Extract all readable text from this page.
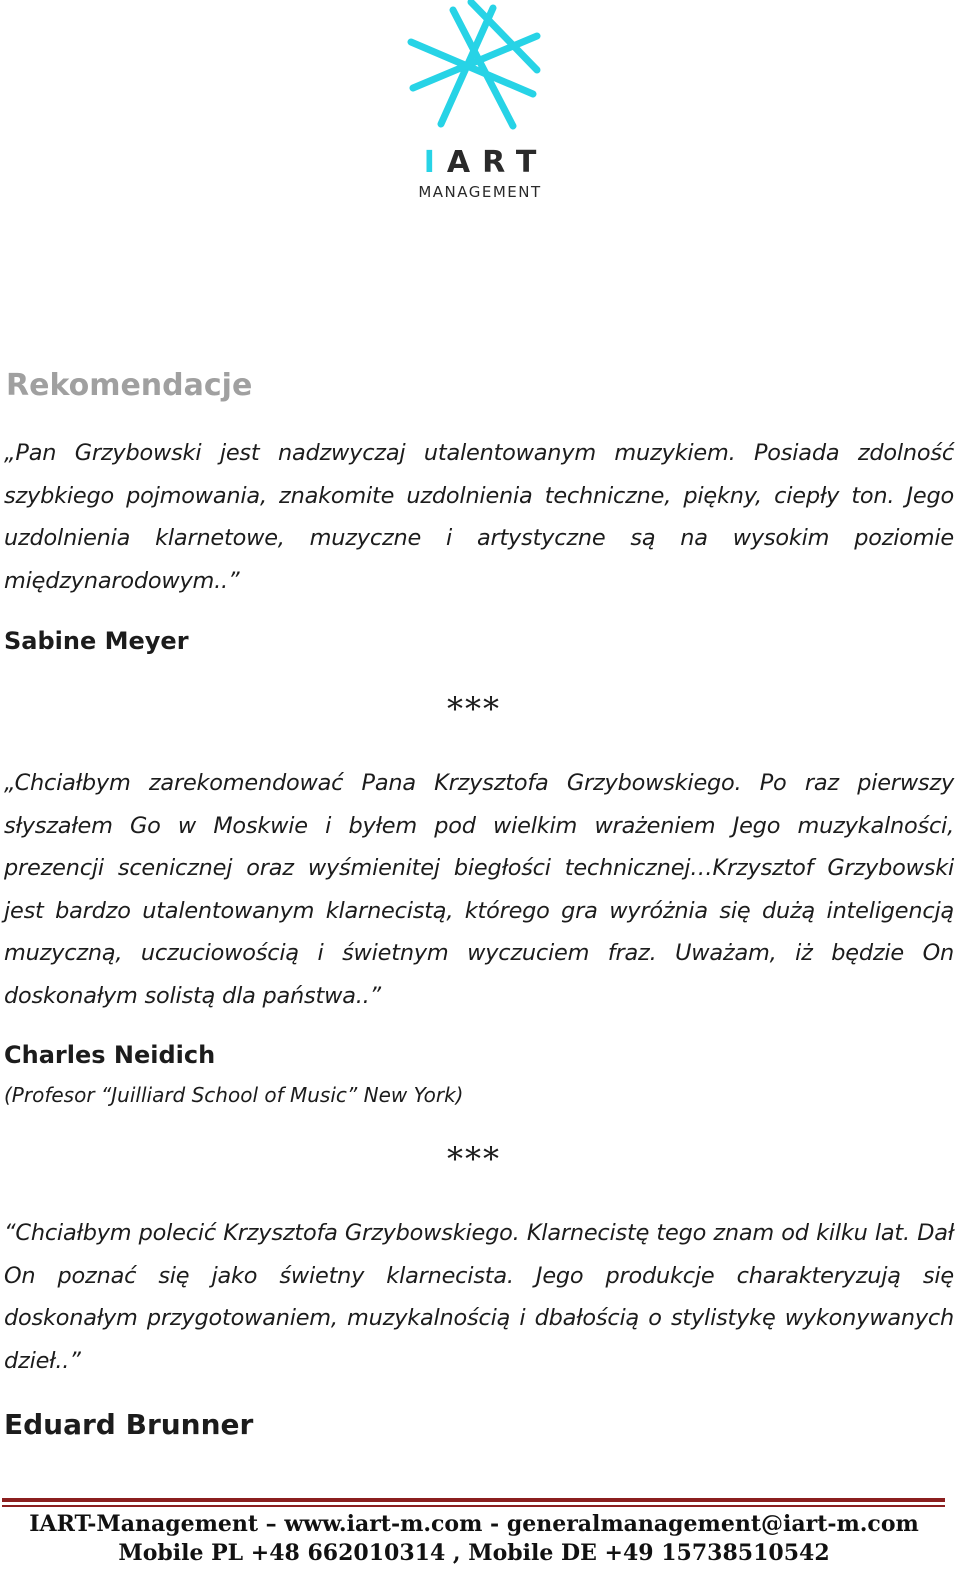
IART
MANAGEMENT
Rekomendacje
„Pan Grzybowski jest nadzwyczaj utalentowanym muzykiem. Posiada zdolność szybkiego pojmowania, znakomite uzdolnienia techniczne, piękny, ciepły ton. Jego uzdolnienia klarnetowe, muzyczne i artystyczne są na wysokim poziomie międzynarodowym..”
Sabine Meyer
***
„Chciałbym zarekomendować Pana Krzysztofa Grzybowskiego. Po raz pierwszy słyszałem Go w Moskwie i byłem pod wielkim wrażeniem Jego muzykalności, prezencji scenicznej oraz wyśmienitej biegłości technicznej…Krzysztof Grzybowski jest bardzo utalentowanym klarnecistą, którego gra wyróżnia się dużą inteligencją muzyczną, uczuciowością i świetnym wyczuciem fraz. Uważam, iż będzie On doskonałym solistą dla państwa..”
Charles Neidich
(Profesor “Juilliard School of Music” New York)
***
“Chciałbym polecić Krzysztofa Grzybowskiego. Klarnecistę tego znam od kilku lat. Dał On poznać się jako świetny klarnecista. Jego produkcje charakteryzują się doskonałym przygotowaniem, muzykalnością i dbałością o stylistykę wykonywanych dzieł..”
Eduard Brunner
IART-Management – www.iart-m.com - generalmanagement@iart-m.com
Mobile PL +48 662010314 , Mobile DE +49 15738510542
